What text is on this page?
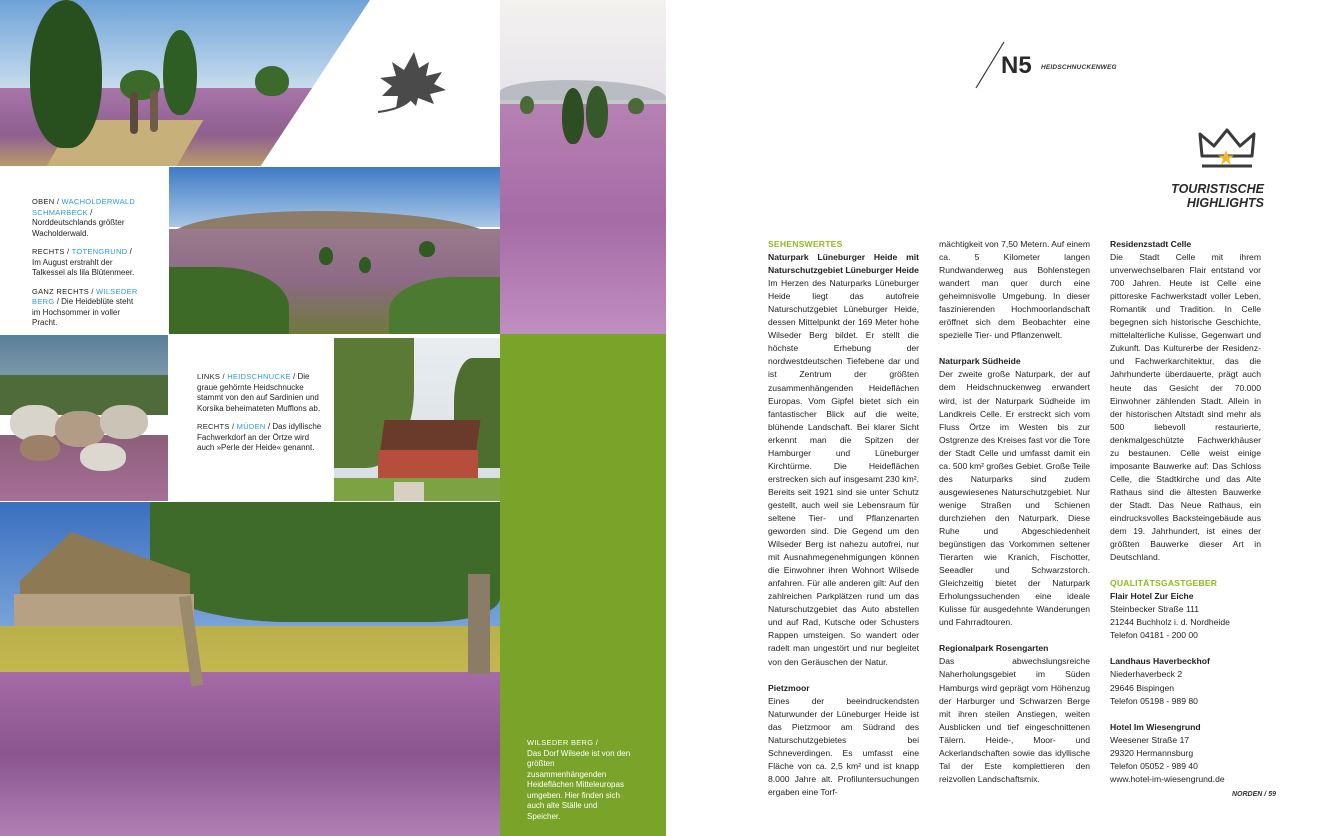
OBEN / WACHOLDERWALD SCHMARBECK / Norddeutschlands größter Wacholderwald.
RECHTS / TOTENGRUND / Im August erstrahlt der Talkessel als lila Blütenmeer.
GANZ RECHTS / WILSEDER BERG / Die Heideblüte steht im Hochsommer in voller Pracht.
LINKS / HEIDSCHNUCKE / Die graue gehörnte Heidschnucke stammt von den auf Sardinien und Korsika beheimateten Mufflons ab.
RECHTS / MÜDEN / Das idyllische Fachwerkdorf an der Örtze wird auch »Perle der Heide« genannt.
WILSEDER BERG /
Das Dorf Wilsede ist von den größten zusammenhängenden Heideflächen Mitteleuropas umgeben. Hier finden sich auch alte Ställe und Speicher.
N5 HEIDSCHNUCKENWEG
TOURISTISCHE
HIGHLIGHTS

SEHENSWERTES

Naturpark Lüneburger Heide mit Naturschutzgebiet Lüneburger Heide

Im Herzen des Naturparks Lüneburger Heide liegt das autofreie Naturschutzgebiet Lüneburger Heide, dessen Mittelpunkt der 169 Meter hohe Wilseder Berg bildet. Er stellt die höchste Erhebung der nordwestdeutschen Tiefebene dar und ist Zentrum der größten zusammenhängenden Heideflächen Europas. Vom Gipfel bietet sich ein fantastischer Blick auf die weite, blühende Landschaft. Bei klarer Sicht erkennt man die Spitzen der Hamburger und Lüneburger Kirchtürme. Die Heideflächen erstrecken sich auf insgesamt 230 km². Bereits seit 1921 sind sie unter Schutz gestellt, auch weil sie Lebensraum für seltene Tier- und Pflanzenarten geworden sind. Die Gegend um den Wilseder Berg ist nahezu autofrei, nur mit Ausnahmegenehmigungen können die Einwohner ihren Wohnort Wilsede anfahren. Für alle anderen gilt: Auf den zahlreichen Parkplätzen rund um das Naturschutzgebiet das Auto abstellen und auf Rad, Kutsche oder Schusters Rappen umsteigen. So wandert oder radelt man ungestört und nur begleitet von den Geräuschen der Natur.

Pietzmoor

Eines der beeindruckendsten Naturwunder der Lüneburger Heide ist das Pietzmoor am Südrand des Naturschutzgebietes bei Schneverdingen. Es umfasst eine Fläche von ca. 2,5 km² und ist knapp 8.000 Jahre alt. Profiluntersuchungen ergaben eine Torf-

mächtigkeit von 7,50 Metern. Auf einem ca. 5 Kilometer langen Rundwanderweg aus Bohlenstegen wandert man quer durch eine geheimnisvolle Umgebung. In dieser faszinierenden Hochmoorlandschaft eröffnet sich dem Beobachter eine spezielle Tier- und Pflanzenwelt.

Naturpark Südheide

Der zweite große Naturpark, der auf dem Heidschnuckenweg erwandert wird, ist der Naturpark Südheide im Landkreis Celle. Er erstreckt sich vom Fluss Örtze im Westen bis zur Ostgrenze des Kreises fast vor die Tore der Stadt Celle und umfasst damit ein ca. 500 km² großes Gebiet. Große Teile des Naturparks sind zudem ausgewiesenes Naturschutzgebiet. Nur wenige Straßen und Schienen durchziehen den Naturpark. Diese Ruhe und Abgeschiedenheit begünstigen das Vorkommen seltener Tierarten wie Kranich, Fischotter, Seeadler und Schwarzstorch. Gleichzeitig bietet der Naturpark Erholungssuchenden eine ideale Kulisse für ausgedehnte Wanderungen und Fahrradtouren.

Regionalpark Rosengarten

Das abwechslungsreiche Naherholungsgebiet im Süden Hamburgs wird geprägt vom Höhenzug der Harburger und Schwarzen Berge mit ihren steilen Anstiegen, weiten Ausblicken und tief eingeschnittenen Tälern. Heide-, Moor- und Ackerlandschaften sowie das idyllische Tal der Este komplettieren den reizvollen Landschaftsmix.

Residenzstadt Celle

Die Stadt Celle mit ihrem unverwechselbaren Flair entstand vor 700 Jahren. Heute ist Celle eine pittoreske Fachwerkstadt voller Leben, Romantik und Tradition. In Celle begegnen sich historische Geschichte, mittelalterliche Kulisse, Gegenwart und Zukunft. Das Kulturerbe der Residenz- und Fachwerkarchitektur, das die Jahrhunderte überdauerte, prägt auch heute das Gesicht der 70.000 Einwohner zählenden Stadt. Allein in der historischen Altstadt sind mehr als 500 liebevoll restaurierte, denkmalgeschützte Fachwerkhäuser zu bestaunen. Celle weist einige imposante Bauwerke auf: Das Schloss Celle, die Stadtkirche und das Alte Rathaus sind die ältesten Bauwerke der Stadt. Das Neue Rathaus, ein eindrucksvolles Backsteingebäude aus dem 19. Jahrhundert, ist eines der größten Bauwerke dieser Art in Deutschland.

QUALITÄTSGASTGEBER

Flair Hotel Zur Eiche

Steinbecker Straße 111

21244 Buchholz i. d. Nordheide

Telefon 04181 - 200 00

Landhaus Haverbeckhof

Niederhaverbeck 2

29646 Bispingen

Telefon 05198 - 989 80

Hotel Im Wiesengrund

Weesener Straße 17

29320 Hermannsburg

Telefon 05052 - 989 40

www.hotel-im-wiesengrund.de

NORDEN / 59
